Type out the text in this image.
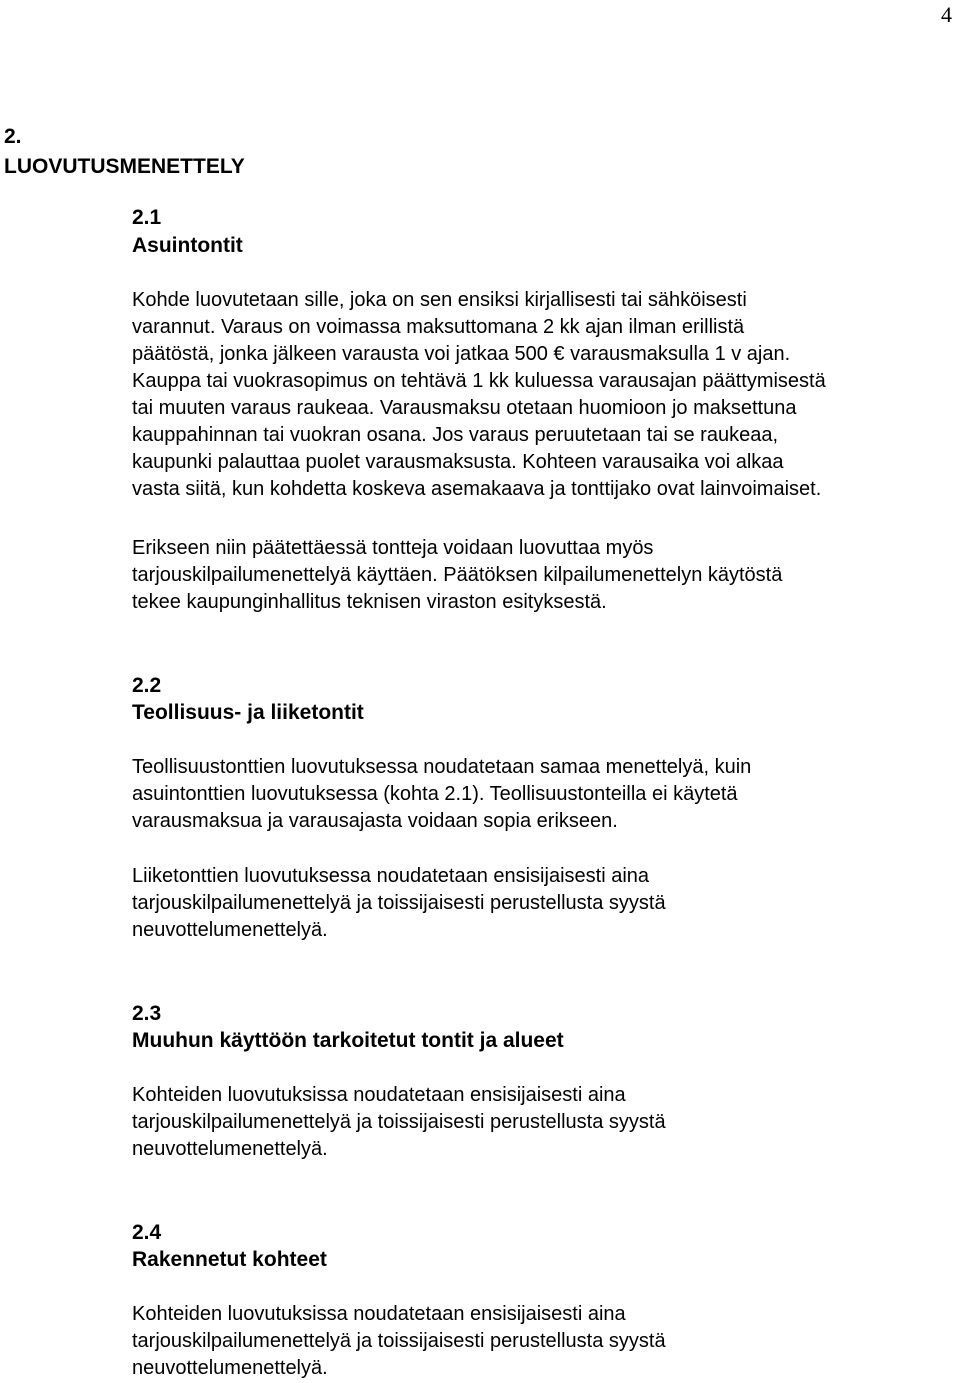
4
2.
LUOVUTUSMENETTELY
2.1
Asuintontit

Kohde luovutetaan sille, joka on sen ensiksi kirjallisesti tai sähköisesti
varannut. Varaus on voimassa maksuttomana 2 kk ajan ilman erillistä
päätöstä, jonka jälkeen varausta voi jatkaa 500 € varausmaksulla 1 v ajan.
Kauppa tai vuokrasopimus on tehtävä 1 kk kuluessa varausajan päättymisestä
tai muuten varaus raukeaa. Varausmaksu otetaan huomioon jo maksettuna
kauppahinnan tai vuokran osana. Jos varaus peruutetaan tai se raukeaa,
kaupunki palauttaa puolet varausmaksusta. Kohteen varausaika voi alkaa
vasta siitä, kun kohdetta koskeva asemakaava ja tonttijako ovat lainvoimaiset.

Erikseen niin päätettäessä tontteja voidaan luovuttaa myös
tarjouskilpailumenettelyä käyttäen. Päätöksen kilpailumenettelyn käytöstä
tekee kaupunginhallitus teknisen viraston esityksestä.

2.2
Teollisuus- ja liiketontit

Teollisuustonttien luovutuksessa noudatetaan samaa menettelyä, kuin
asuintonttien luovutuksessa (kohta 2.1). Teollisuustonteilla ei käytetä
varausmaksua ja varausajasta voidaan sopia erikseen.

Liiketonttien luovutuksessa noudatetaan ensisijaisesti aina
tarjouskilpailumenettelyä ja toissijaisesti perustellusta syystä
neuvottelumenettelyä.

2.3
Muuhun käyttöön tarkoitetut tontit ja alueet

Kohteiden luovutuksissa noudatetaan ensisijaisesti aina
tarjouskilpailumenettelyä ja toissijaisesti perustellusta syystä
neuvottelumenettelyä.

2.4
Rakennetut kohteet

Kohteiden luovutuksissa noudatetaan ensisijaisesti aina
tarjouskilpailumenettelyä ja toissijaisesti perustellusta syystä
neuvottelumenettelyä.
